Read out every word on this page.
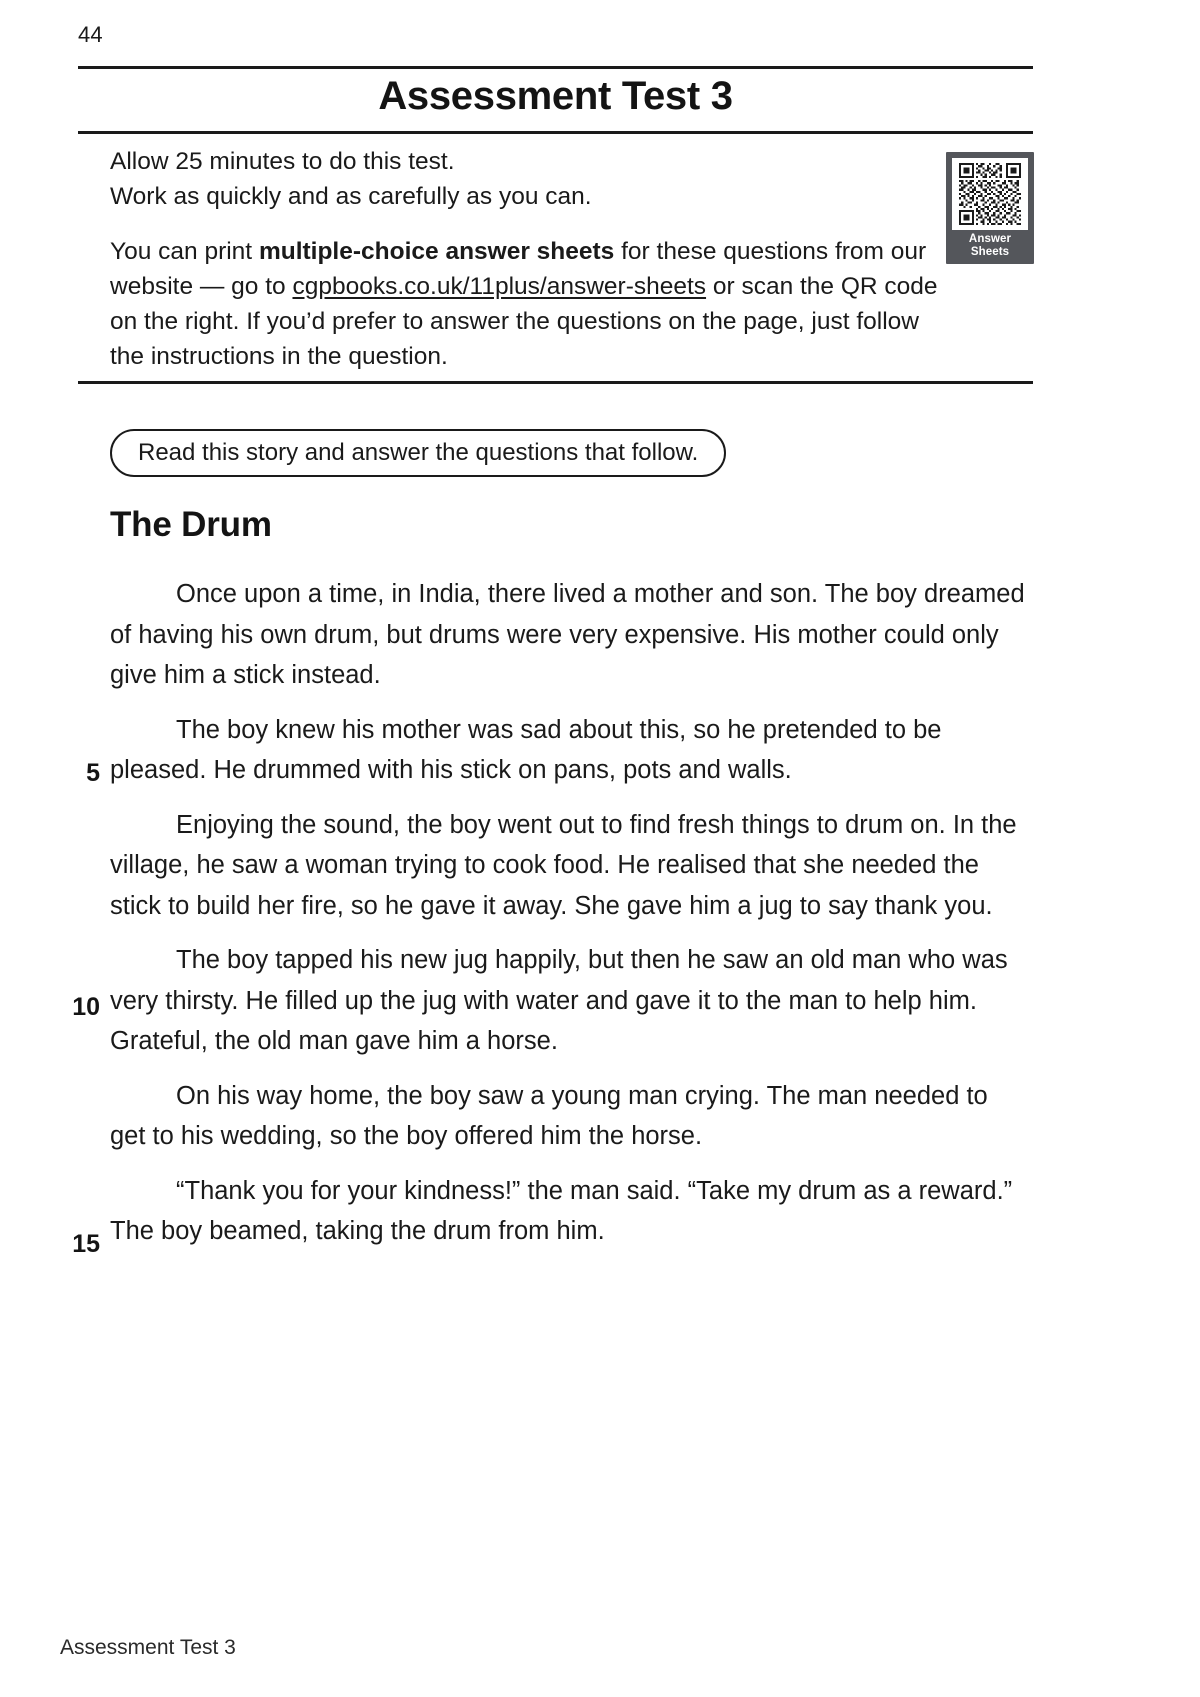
44
Assessment Test 3

Allow 25 minutes to do this test.

Work as quickly and as carefully as you can.

You can print multiple-choice answer sheets for these questions from our website — go to cgpbooks.co.uk/11plus/answer-sheets or scan the QR code on the right. If you’d prefer to answer the questions on the page, just follow the instructions in the question.

Answer
Sheets
Read this story and answer the questions that follow.
The Drum

Once upon a time, in India, there lived a mother and son. The boy dreamed of having his own drum, but drums were very expensive. His mother could only give him a stick instead.

The boy knew his mother was sad about this, so he pretended to be pleased. He drummed with his stick on pans, pots and walls.

Enjoying the sound, the boy went out to find fresh things to drum on. In the village, he saw a woman trying to cook food. He realised that she needed the stick to build her fire, so he gave it away. She gave him a jug to say thank you.

The boy tapped his new jug happily, but then he saw an old man who was very thirsty. He filled up the jug with water and gave it to the man to help him. Grateful, the old man gave him a horse.

On his way home, the boy saw a young man crying. The man needed to get to his wedding, so the boy offered him the horse.

“Thank you for your kindness!” the man said. “Take my drum as a reward.” The boy beamed, taking the drum from him.

5
10
15
Assessment Test 3
